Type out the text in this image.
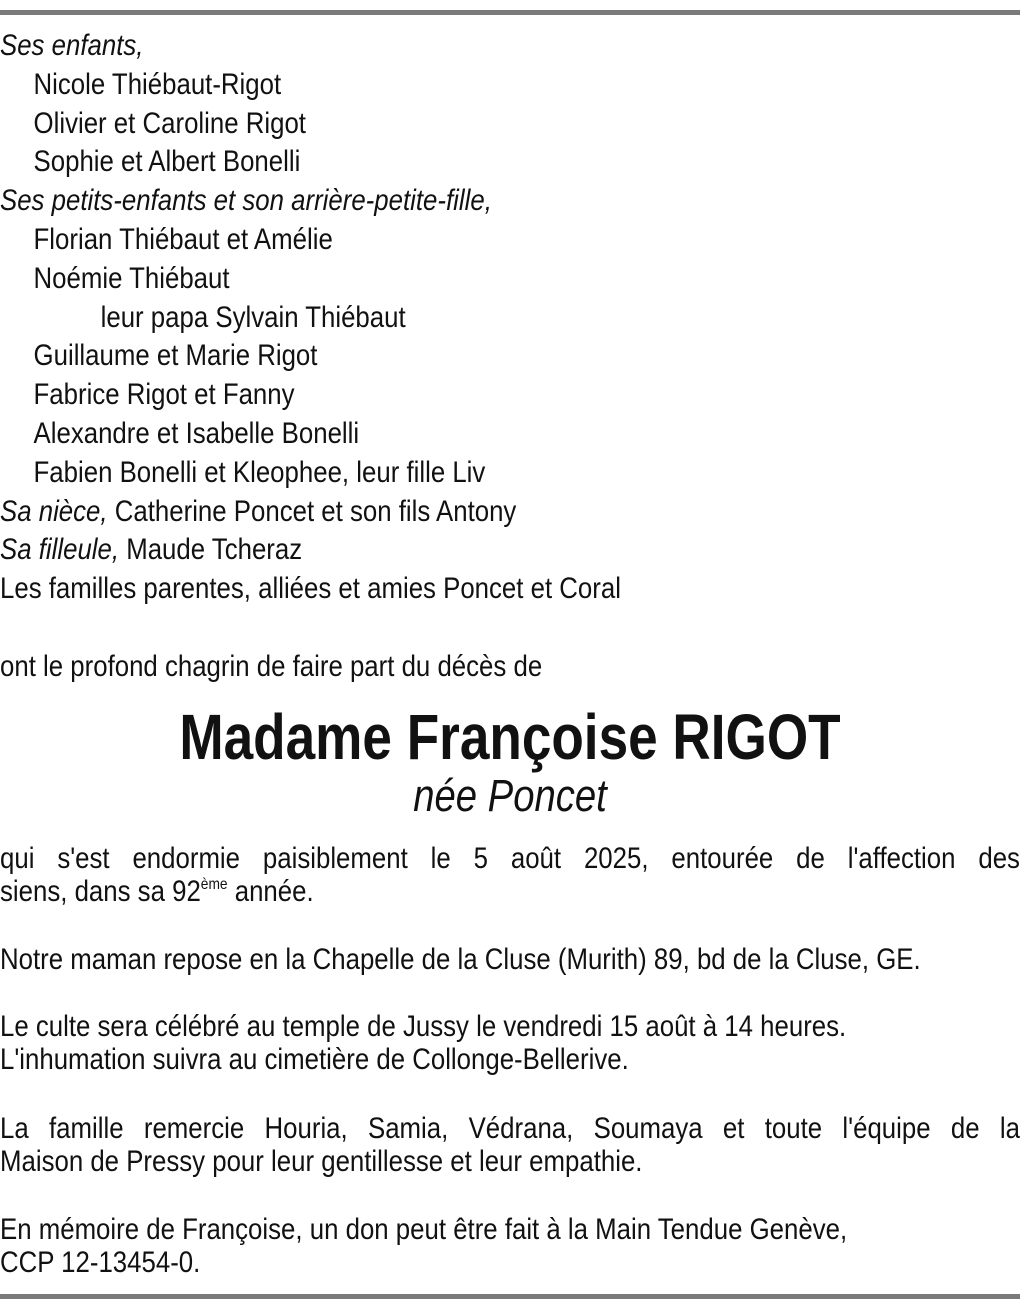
Ses enfants,
Nicole Thiébaut-Rigot
Olivier et Caroline Rigot
Sophie et Albert Bonelli
Ses petits-enfants et son arrière-petite-fille,
Florian Thiébaut et Amélie
Noémie Thiébaut
leur papa Sylvain Thiébaut
Guillaume et Marie Rigot
Fabrice Rigot et Fanny
Alexandre et Isabelle Bonelli
Fabien Bonelli et Kleophee, leur fille Liv
Sa nièce, Catherine Poncet et son fils Antony
Sa filleule, Maude Tcheraz
Les familles parentes, alliées et amies Poncet et Coral
ont le profond chagrin de faire part du décès de
Madame Françoise RIGOT
née Poncet
qui s'est endormie paisiblement le 5 août 2025, entourée de l'affection des
siens, dans sa 92ème année.
Notre maman repose en la Chapelle de la Cluse (Murith) 89, bd de la Cluse, GE.
Le culte sera célébré au temple de Jussy le vendredi 15 août à 14 heures.
L'inhumation suivra au cimetière de Collonge-Bellerive.
La famille remercie Houria, Samia, Védrana, Soumaya et toute l'équipe de la
Maison de Pressy pour leur gentillesse et leur empathie.
En mémoire de Françoise, un don peut être fait à la Main Tendue Genève,
CCP 12-13454-0.
